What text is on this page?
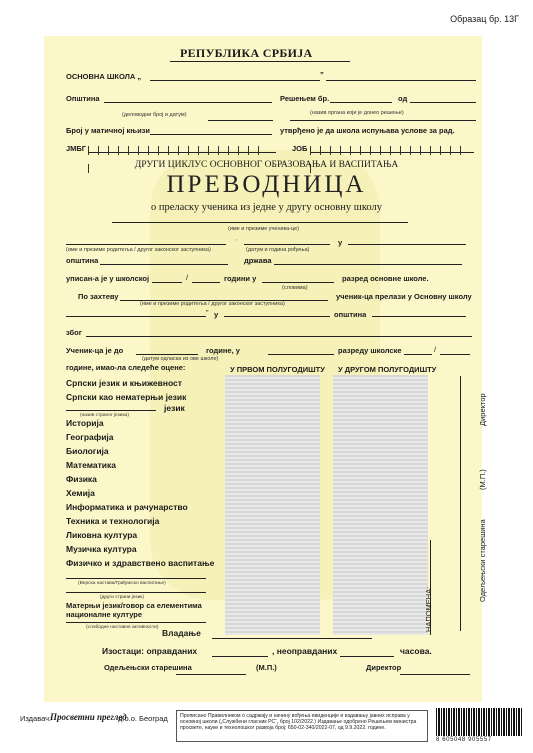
Образац бр. 13Г
РЕПУБЛИКА СРБИЈА
ОСНОВНА ШКОЛА „	”
Општина	Решењем бр.	од
(деловодни број и датум)	(назив органа који је донео решење)
Број у матичној књизи	утврђено је да школа испуњава услове за рад.
ЈМБГ	ЈОБ
ДРУГИ ЦИКЛУС ОСНОВНОГ ОБРАЗОВАЊА И ВАСПИТАЊА
ПРЕВОДНИЦА
о преласку ученика из једне у другу основну школу
(име и презиме ученика-це)
,	у
(име и презиме родитеља / другог законског заступника)	(датум и година рођења)
општина	држава
уписан-а је у школској	/	години у	разред основне школе.
(словима)
По захтеву	ученик-ца прелази у Основну школу
(име и презиме родитеља / другог законског заступника)
” у	општина
због
Ученик-ца је до	године, у	разреду школске	/
(датум одласка из ове школе)
године, имао-ла следеће оцене:	У ПРВОМ ПОЛУГОДИШТУ У ДРУГОМ ПОЛУГОДИШТУ
Српски језик и књижевност
Српски као нематерњи језик
језик
(назив страног језика)
Историја
Географија
Биологија
Математика
Физика
Хемија
Информатика и рачунарство
Техника и технологија
Ликовна култура
Музичка култура
Физичко и здравствено васпитање
(Верска настава/Грађанско васпитање)
(други страни језик)
Матерњи језик/говор са елементима националне културе
(слободне наставне активности)
Владање
Изостаци: оправданих	, неоправданих	часова.
Одељењски старешина	(М.П.)	Директор
НАПОМЕНА:
Директор
(М.П.)
Одељењски старешина
Издавач:
Просветни преглед
д.о.о. Београд	Прописано Правилником о садржају и начину вођења евиденције и издавању јавних исправа у основној школи („Службени гласник РС“, број 102/2022.) Издавање одобрено Решењем министра просвете, науке и технолошког развоја број: 650-02-340/2022-07, од 9.9.2022. године.
8 605048 905557
